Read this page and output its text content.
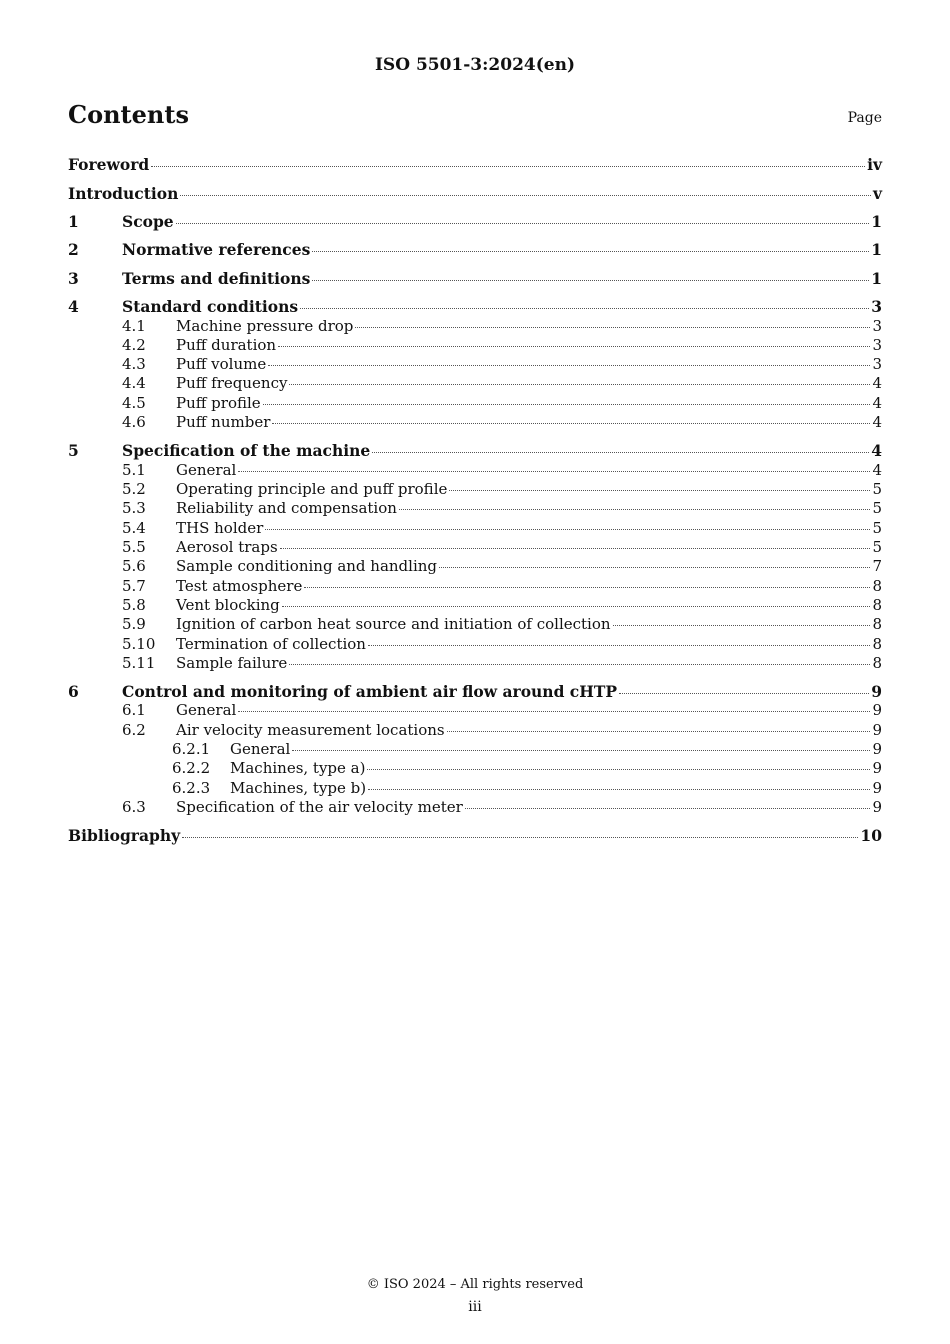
ISO 5501-3:2024(en)
Contents	Page
Foreword	iv
Introduction	v
1	Scope	1
2	Normative references	1
3	Terms and definitions	1
4	Standard conditions	3
4.1	Machine pressure drop	3
4.2	Puff duration	3
4.3	Puff volume	3
4.4	Puff frequency	4
4.5	Puff profile	4
4.6	Puff number	4
5	Specification of the machine	4
5.1	General	4
5.2	Operating principle and puff profile	5
5.3	Reliability and compensation	5
5.4	THS holder	5
5.5	Aerosol traps	5
5.6	Sample conditioning and handling	7
5.7	Test atmosphere	8
5.8	Vent blocking	8
5.9	Ignition of carbon heat source and initiation of collection	8
5.10	Termination of collection	8
5.11	Sample failure	8
6	Control and monitoring of ambient air flow around cHTP	9
6.1	General	9
6.2	Air velocity measurement locations	9
6.2.1	General	9
6.2.2	Machines, type a)	9
6.2.3	Machines, type b)	9
6.3	Specification of the air velocity meter	9
Bibliography	10
© ISO 2024 – All rights reserved
iii
